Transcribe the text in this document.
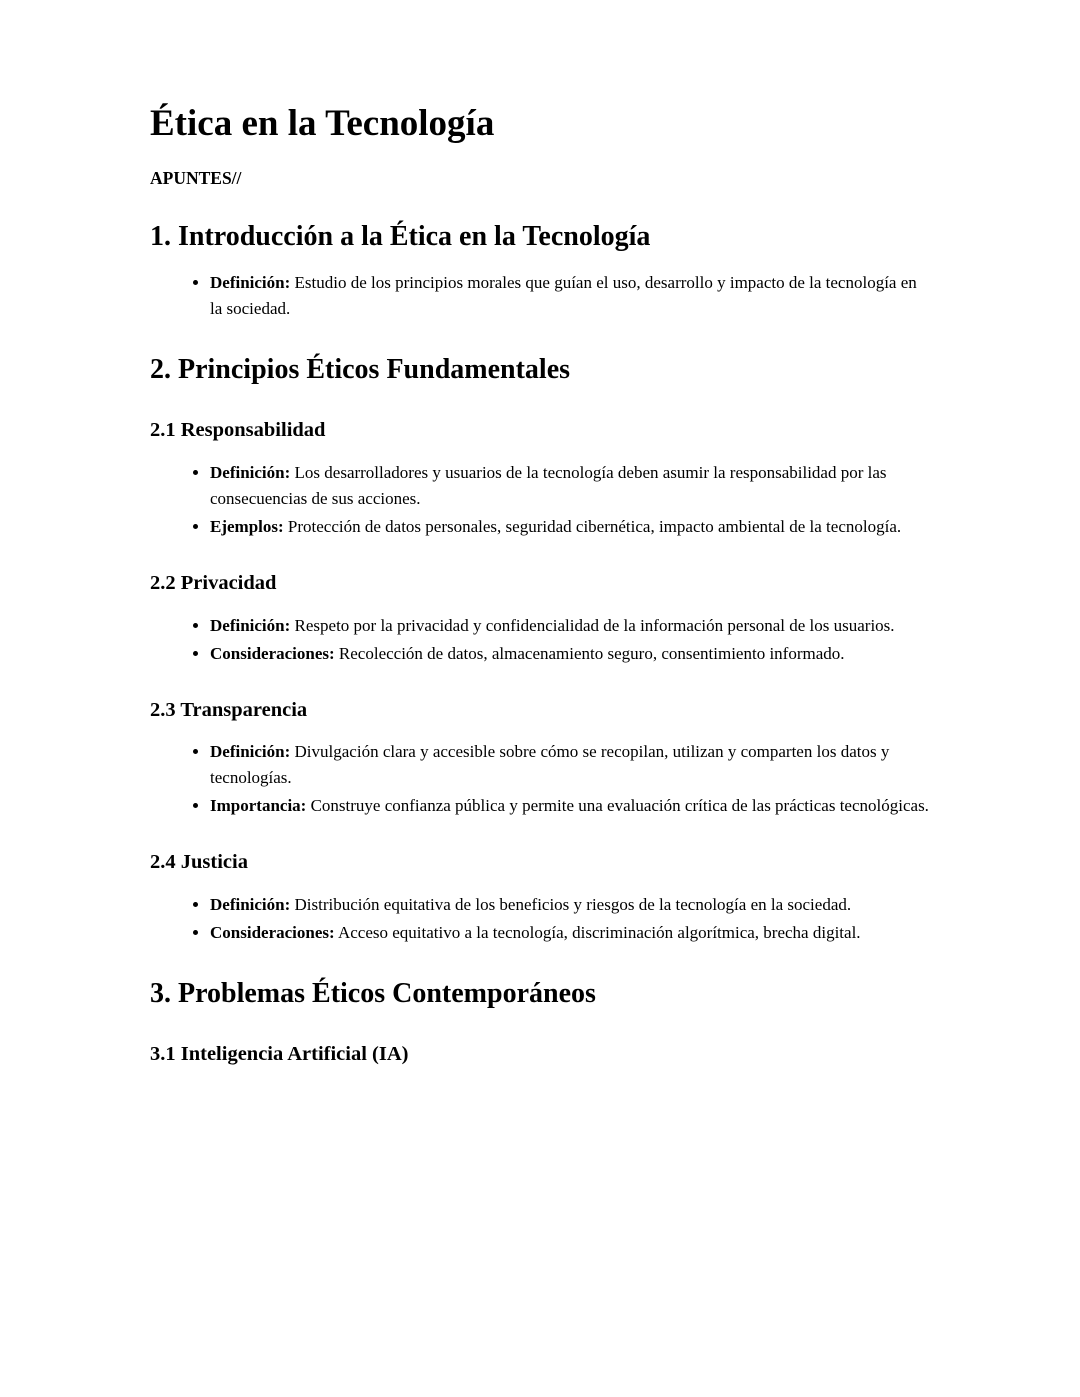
Ética en la Tecnología

APUNTES//

1. Introducción a la Ética en la Tecnología
• Definición: Estudio de los principios morales que guían el uso, desarrollo y impacto de la tecnología en la sociedad.
2. Principios Éticos Fundamentales
2.1 Responsabilidad
• Definición: Los desarrolladores y usuarios de la tecnología deben asumir la responsabilidad por las consecuencias de sus acciones.
• Ejemplos: Protección de datos personales, seguridad cibernética, impacto ambiental de la tecnología.
2.2 Privacidad
• Definición: Respeto por la privacidad y confidencialidad de la información personal de los usuarios.
• Consideraciones: Recolección de datos, almacenamiento seguro, consentimiento informado.
2.3 Transparencia
• Definición: Divulgación clara y accesible sobre cómo se recopilan, utilizan y comparten los datos y tecnologías.
• Importancia: Construye confianza pública y permite una evaluación crítica de las prácticas tecnológicas.
2.4 Justicia
• Definición: Distribución equitativa de los beneficios y riesgos de la tecnología en la sociedad.
• Consideraciones: Acceso equitativo a la tecnología, discriminación algorítmica, brecha digital.
3. Problemas Éticos Contemporáneos
3.1 Inteligencia Artificial (IA)
